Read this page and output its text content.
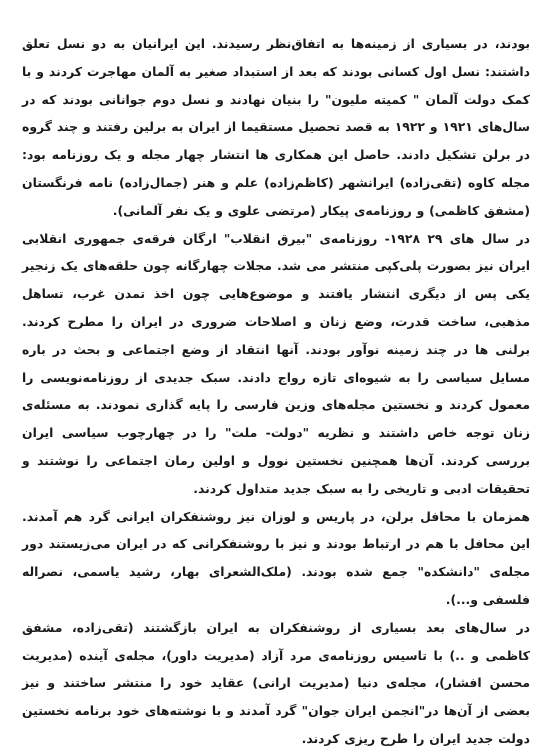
بودند، در بسیاری از زمینه‌ها به اتفاق‌نظر رسیدند. این ایرانیان به دو نسل تعلق داشتند: نسل اول کسانی بودند که بعد از استبداد صغیر به آلمان مهاجرت کردند و با کمک دولت آلمان " کمیته ملیون" را بنیان نهادند و نسل دوم جوانانی بودند که در سال‌های ۱۹۲۱ و ۱۹۲۲ به قصد تحصیل مستقیما از ایران به برلین رفتند و چند گروه در برلن تشکیل دادند. حاصل این همکاری ها انتشار چهار مجله و یک روزنامه بود: مجله کاوه (تقی‌زاده) ایرانشهر (کاظم‌زاده) علم و هنر (جمال‌زاده) نامه فرنگستان (مشفق کاظمی) و روزنامه‌ی پیکار (مرتضی علوی و یک نفر آلمانی).

در سال های ۲۹ ۱۹۲۸- روزنامه‌ی "بیرق انقلاب" ارگان فرقه‌ی جمهوری انقلابی ایران نیز بصورت پلی‌کپی منتشر می شد. مجلات چهارگانه چون حلقه‌های یک زنجیر یکی پس از دیگری انتشار یافتند و موضوع‌هایی چون اخذ تمدن غرب، تساهل مذهبی، ساخت قدرت، وضع زنان و اصلاحات ضروری در ایران را مطرح کردند. برلنی ها در چند زمینه نوآور بودند. آنها انتقاد از وضع اجتماعی و بحث در باره مسایل سیاسی را به شیوه‌ای تازه رواج دادند. سبک جدیدی از روزنامه‌نویسی را معمول کردند و نخستین مجله‌های وزین فارسی را پایه گذاری نمودند. به مسئله‌ی زنان توجه خاص داشتند و نظریه "دولت- ملت" را در چهارچوب سیاسی ایران بررسی کردند. آن‌ها همچنین نخستین نوول و اولین رمان اجتماعی را نوشتند و تحقیقات ادبی و تاریخی را به سبک جدید متداول کردند.

همزمان با محافل برلن، در پاریس و لوزان نیز روشنفکران ایرانی گرد هم آمدند. این محافل با هم در ارتباط بودند و نیز با روشنفکرانی که در ایران می‌زیستند دور مجله‌ی "دانشکده" جمع شده بودند. (ملک‌الشعرای بهار، رشید یاسمی، نصراله فلسفی و...).

در سال‌های بعد بسیاری از روشنفکران به ایران بازگشتند (تقی‌زاده، مشفق کاظمی و ..) با تاسیس روزنامه‌ی مرد آزاد (مدیریت داور)، مجله‌ی آینده (مدیریت محسن افشار)، مجله‌ی دنیا (مدیریت ارانی) عقاید خود را منتشر ساختند و نیز بعضی از آن‌ها در"انجمن ایران جوان" گرد آمدند و با نوشته‌های خود برنامه نخستین دولت جدید ایران را طرح ریزی کردند.
